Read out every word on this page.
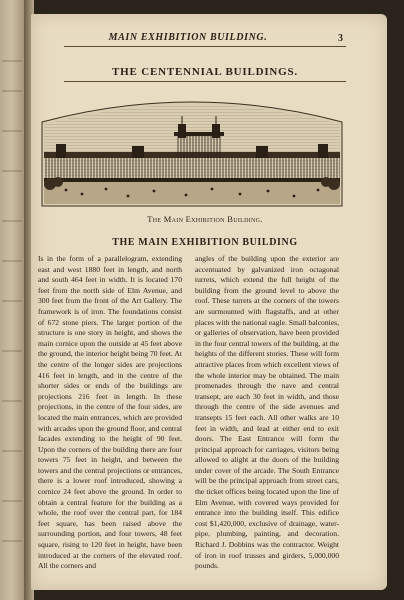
MAIN EXHIBITION BUILDING.	3
THE CENTENNIAL BUILDINGS.
The Main Exhibition Building.
THE MAIN EXHIBITION BUILDING
Is in the form of a parallelogram, extending east and west 1880 feet in length, and north and south 464 feet in width. It is located 170 feet from the north side of Elm Avenue, and 300 feet from the front of the Art Gallery. The framework is of iron. The foundations consist of 672 stone piers. The larger portion of the structure is one story in height, and shows the main cornice upon the outside at 45 feet above the ground, the interior height being 70 feet. At the centre of the longer sides are projections 416 feet in length, and in the centre of the shorter sides or ends of the buildings are projections 216 feet in length. In these projections, in the centre of the four sides, are located the main entrances, which are provided with arcades upon the ground floor, and central facades extending to the height of 90 feet. Upon the corners of the building there are four towers 75 feet in height, and between the towers and the central projections or entrances, there is a lower roof introduced, showing a cornice 24 feet above the ground. In order to obtain a central feature for the building as a whole, the roof over the central part, for 184 feet square, has been raised above the surrounding portion, and four towers, 48 feet square, rising to 120 feet in height, have been introduced at the corners of the elevated roof. All the corners and
angles of the building upon the exterior are accentuated by galvanized iron octagonal turrets, which extend the full height of the building from the ground level to above the roof. These turrets at the corners of the towers are surmounted with flagstaffs, and at other places with the national eagle. Small balconies, or galleries of observation, have been provided in the four central towers of the building, at the heights of the different stories. These will form attractive places from which excellent views of the whole interior may be obtained. The main promenades through the nave and central transept, are each 30 feet in width, and those through the centre of the side avenues and transepts 15 feet each. All other walks are 10 feet in width, and lead at either end to exit doors. The East Entrance will form the principal approach for carriages, visitors being allowed to alight at the doors of the building under cover of the arcade. The South Entrance will be the principal approach from street cars, the ticket offices being located upon the line of Elm Avenue, with covered ways provided for entrance into the building itself. This edifice cost $1,420,000, exclusive of drainage, water-pipe, plumbing, painting, and decoration. Richard J. Dobbins was the contractor. Weight of iron in roof trusses and girders, 5,000,000 pounds.
